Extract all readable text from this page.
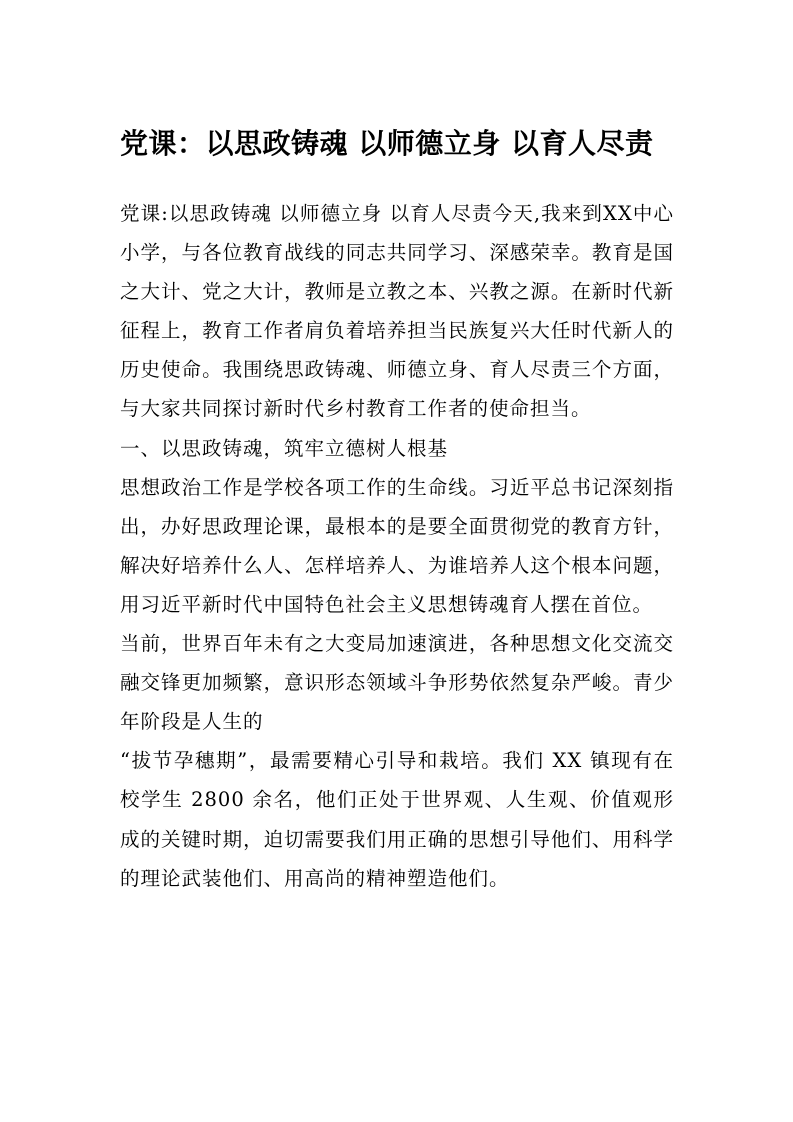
党课：以思政铸魂 以师德立身 以育人尽责

党课:以思政铸魂 以师德立身 以育人尽责今天,我来到XX中心小学，与各位教育战线的同志共同学习、深感荣幸。教育是国之大计、党之大计，教师是立教之本、兴教之源。在新时代新征程上，教育工作者肩负着培养担当民族复兴大任时代新人的历史使命。我围绕思政铸魂、师德立身、育人尽责三个方面，与大家共同探讨新时代乡村教育工作者的使命担当。

一、以思政铸魂，筑牢立德树人根基

思想政治工作是学校各项工作的生命线。习近平总书记深刻指出，办好思政理论课，最根本的是要全面贯彻党的教育方针，解决好培养什么人、怎样培养人、为谁培养人这个根本问题，用习近平新时代中国特色社会主义思想铸魂育人摆在首位。

当前，世界百年未有之大变局加速演进，各种思想文化交流交融交锋更加频繁，意识形态领域斗争形势依然复杂严峻。青少年阶段是人生的

“拔节孕穗期”，最需要精心引导和栽培。我们 XX 镇现有在校学生 2800 余名，他们正处于世界观、人生观、价值观形成的关键时期，迫切需要我们用正确的思想引导他们、用科学的理论武装他们、用高尚的精神塑造他们。
